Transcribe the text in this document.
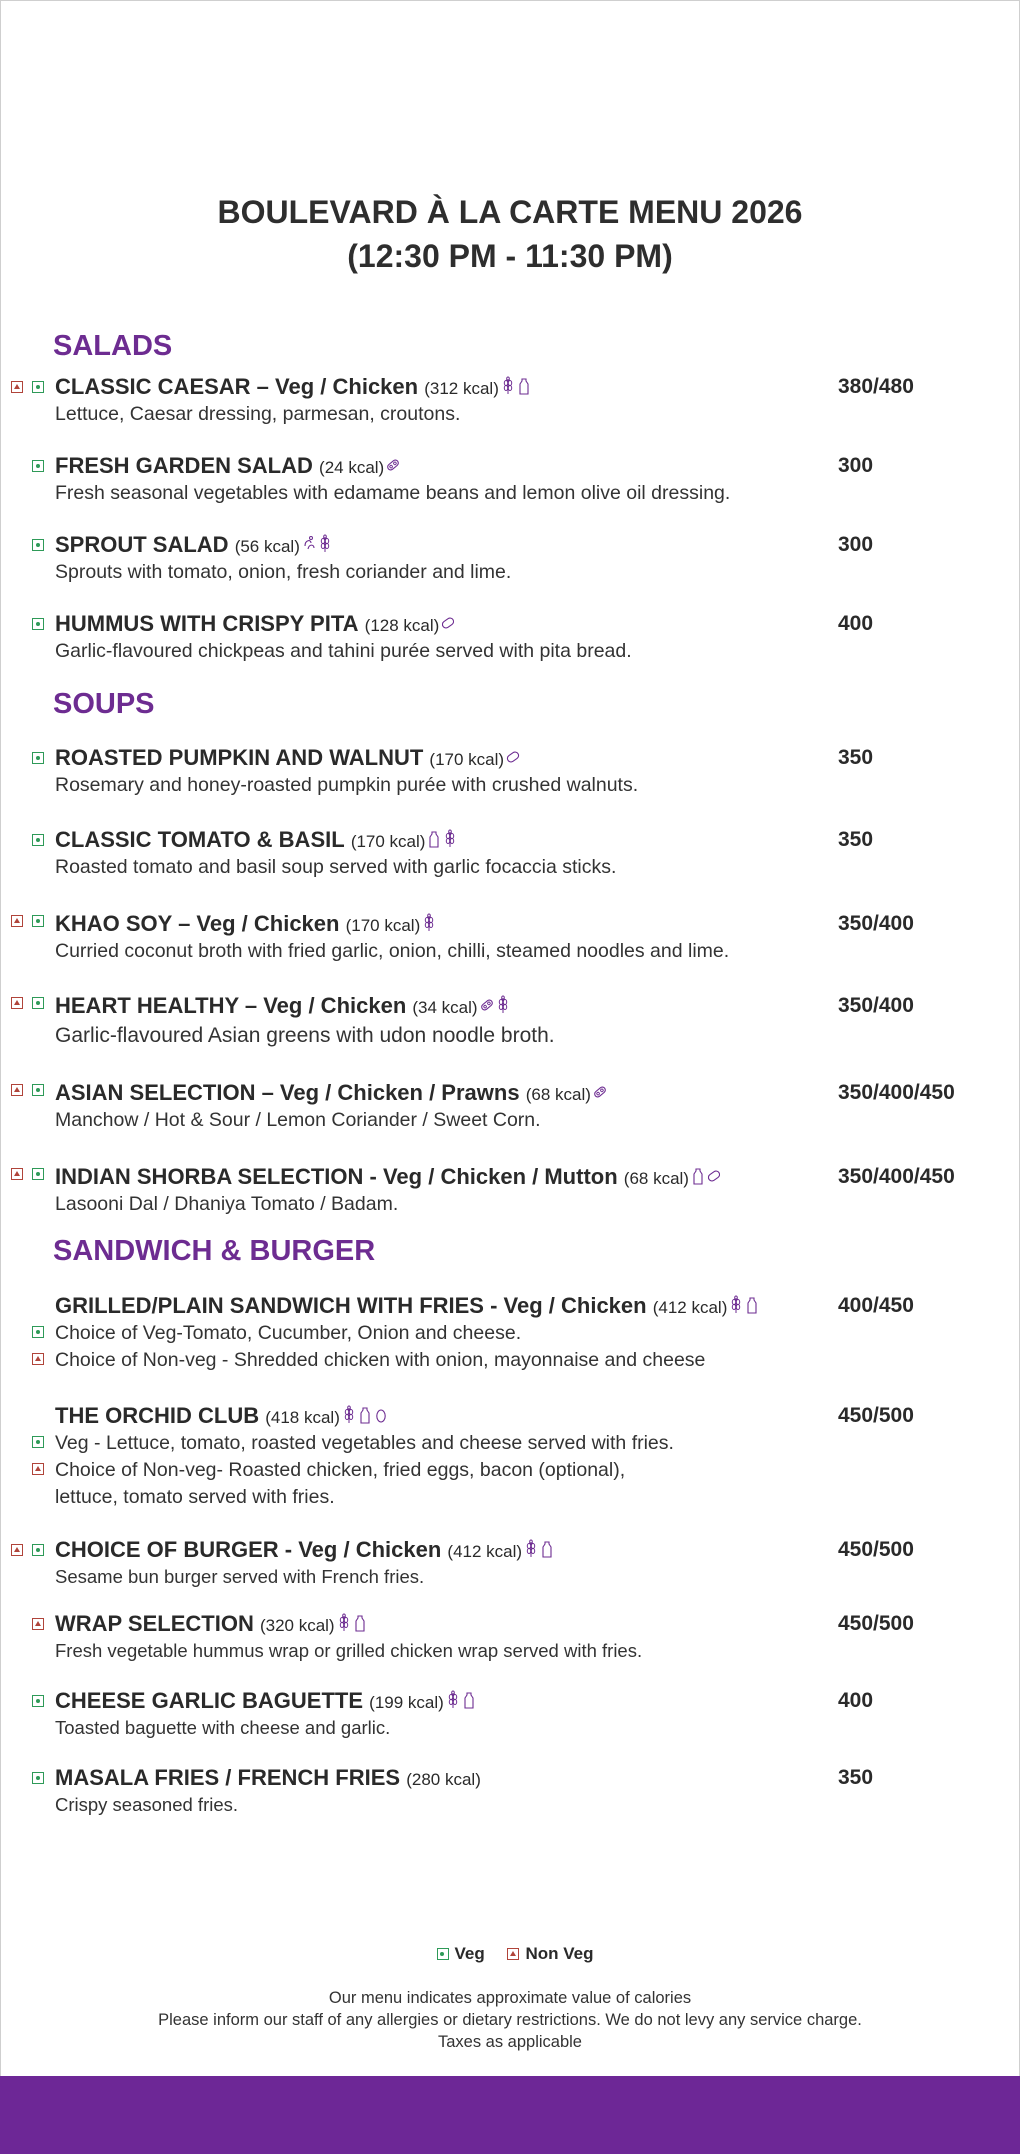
BOULEVARD À LA CARTE MENU 2026
(12:30 PM - 11:30 PM)
SALADS
CLASSIC CAESAR – Veg / Chicken (312 kcal)	380/480
Lettuce, Caesar dressing, parmesan, croutons.
FRESH GARDEN SALAD (24 kcal)	300
Fresh seasonal vegetables with edamame beans and lemon olive oil dressing.
SPROUT SALAD (56 kcal)	300
Sprouts with tomato, onion, fresh coriander and lime.
HUMMUS WITH CRISPY PITA (128 kcal)	400
Garlic-flavoured chickpeas and tahini purée served with pita bread.
SOUPS
ROASTED PUMPKIN AND WALNUT (170 kcal)	350
Rosemary and honey-roasted pumpkin purée with crushed walnuts.
CLASSIC TOMATO & BASIL (170 kcal)	350
Roasted tomato and basil soup served with garlic focaccia sticks.
KHAO SOY – Veg / Chicken (170 kcal)	350/400
Curried coconut broth with fried garlic, onion, chilli, steamed noodles and lime.
HEART HEALTHY – Veg / Chicken (34 kcal)	350/400
Garlic-flavoured Asian greens with udon noodle broth.
ASIAN SELECTION – Veg / Chicken / Prawns (68 kcal)	350/400/450
Manchow / Hot & Sour / Lemon Coriander / Sweet Corn.
INDIAN SHORBA SELECTION - Veg / Chicken / Mutton (68 kcal)	350/400/450
Lasooni Dal / Dhaniya Tomato / Badam.
SANDWICH & BURGER
GRILLED/PLAIN SANDWICH WITH FRIES - Veg / Chicken (412 kcal)	400/450
Choice of Veg-Tomato, Cucumber, Onion and cheese.
Choice of Non-veg - Shredded chicken with onion, mayonnaise and cheese
THE ORCHID CLUB (418 kcal)	450/500
Veg - Lettuce, tomato, roasted vegetables and cheese served with fries.
Choice of Non-veg- Roasted chicken, fried eggs, bacon (optional),
lettuce, tomato served with fries.
CHOICE OF BURGER - Veg / Chicken (412 kcal)	450/500
Sesame bun burger served with French fries.
WRAP SELECTION (320 kcal)	450/500
Fresh vegetable hummus wrap or grilled chicken wrap served with fries.
CHEESE GARLIC BAGUETTE (199 kcal)	400
Toasted baguette with cheese and garlic.
MASALA FRIES / FRENCH FRIES (280 kcal)	350
Crispy seasoned fries.
Veg Non Veg
Our menu indicates approximate value of calories
Please inform our staff of any allergies or dietary restrictions. We do not levy any service charge.
Taxes as applicable
